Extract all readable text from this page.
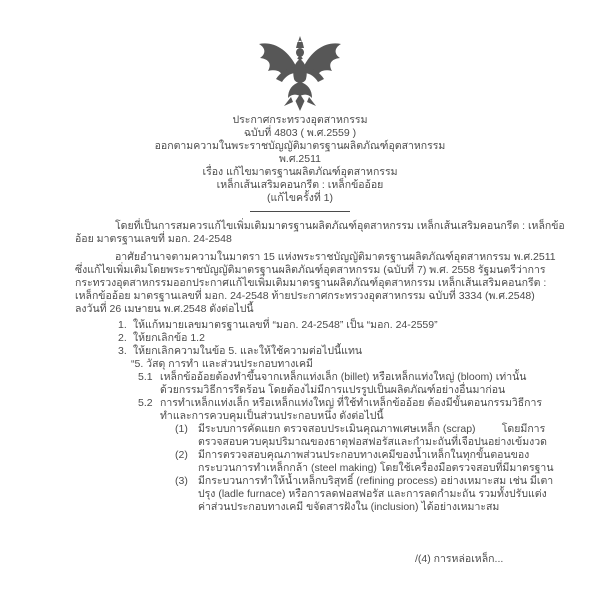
ประกาศกระทรวงอุตสาหกรรม
ฉบับที่ 4803 ( พ.ศ.2559 )
ออกตามความในพระราชบัญญัติมาตรฐานผลิตภัณฑ์อุตสาหกรรม
พ.ศ.2511
เรื่อง แก้ไขมาตรฐานผลิตภัณฑ์อุตสาหกรรม
เหล็กเส้นเสริมคอนกรีต : เหล็กข้ออ้อย
(แก้ไขครั้งที่ 1)
โดยที่เป็นการสมควรแก้ไขเพิ่มเติมมาตรฐานผลิตภัณฑ์อุตสาหกรรม เหล็กเส้นเสริมคอนกรีต : เหล็กข้อ
อ้อย มาตรฐานเลขที่ มอก. 24-2548
อาศัยอำนาจตามความในมาตรา 15 แห่งพระราชบัญญัติมาตรฐานผลิตภัณฑ์อุตสาหกรรม พ.ศ.2511
ซึ่งแก้ไขเพิ่มเติมโดยพระราชบัญญัติมาตรฐานผลิตภัณฑ์อุตสาหกรรม (ฉบับที่ 7) พ.ศ. 2558 รัฐมนตรีว่าการ
กระทรวงอุตสาหกรรมออกประกาศแก้ไขเพิ่มเติมมาตรฐานผลิตภัณฑ์อุตสาหกรรม เหล็กเส้นเสริมคอนกรีต :
เหล็กข้ออ้อย มาตรฐานเลขที่ มอก. 24-2548 ท้ายประกาศกระทรวงอุตสาหกรรม ฉบับที่ 3334 (พ.ศ.2548)
ลงวันที่ 26 เมษายน พ.ศ.2548 ดังต่อไปนี้
1. ให้แก้หมายเลขมาตรฐานเลขที่ “มอก. 24-2548” เป็น “มอก. 24-2559”
2. ให้ยกเลิกข้อ 1.2
3. ให้ยกเลิกความในข้อ 5. และให้ใช้ความต่อไปนี้แทน
“5. วัสดุ การทำ และส่วนประกอบทางเคมี
5.1 เหล็กข้ออ้อยต้องทำขึ้นจากเหล็กแท่งเล็ก (billet) หรือเหล็กแท่งใหญ่ (bloom) เท่านั้น
ด้วยกรรมวิธีการรีดร้อน โดยต้องไม่มีการแปรรูปเป็นผลิตภัณฑ์อย่างอื่นมาก่อน
5.2 การทำเหล็กแท่งเล็ก หรือเหล็กแท่งใหญ่ ที่ใช้ทำเหล็กข้ออ้อย ต้องมีขั้นตอนกรรมวิธีการ
ทำและการควบคุมเป็นส่วนประกอบหนึ่ง ดังต่อไปนี้
(1) มีระบบการคัดแยก ตรวจสอบประเมินคุณภาพเศษเหล็ก (scrap)   โดยมีการ
ตรวจสอบควบคุมปริมาณของธาตุฟอสฟอรัสและกำมะถันที่เจือปนอย่างเข้มงวด
(2) มีการตรวจสอบคุณภาพส่วนประกอบทางเคมีของน้ำเหล็กในทุกขั้นตอนของ
กระบวนการทำเหล็กกล้า (steel making) โดยใช้เครื่องมือตรวจสอบที่มีมาตรฐาน
(3) มีกระบวนการทำให้น้ำเหล็กบริสุทธิ์ (refining process) อย่างเหมาะสม เช่น มีเตา
ปรุง (ladle furnace) หรือการลดฟอสฟอรัส และการลดกำมะถัน รวมทั้งปรับแต่ง
ค่าส่วนประกอบทางเคมี ขจัดสารฝังใน (inclusion) ได้อย่างเหมาะสม
/(4) การหล่อเหล็ก...
